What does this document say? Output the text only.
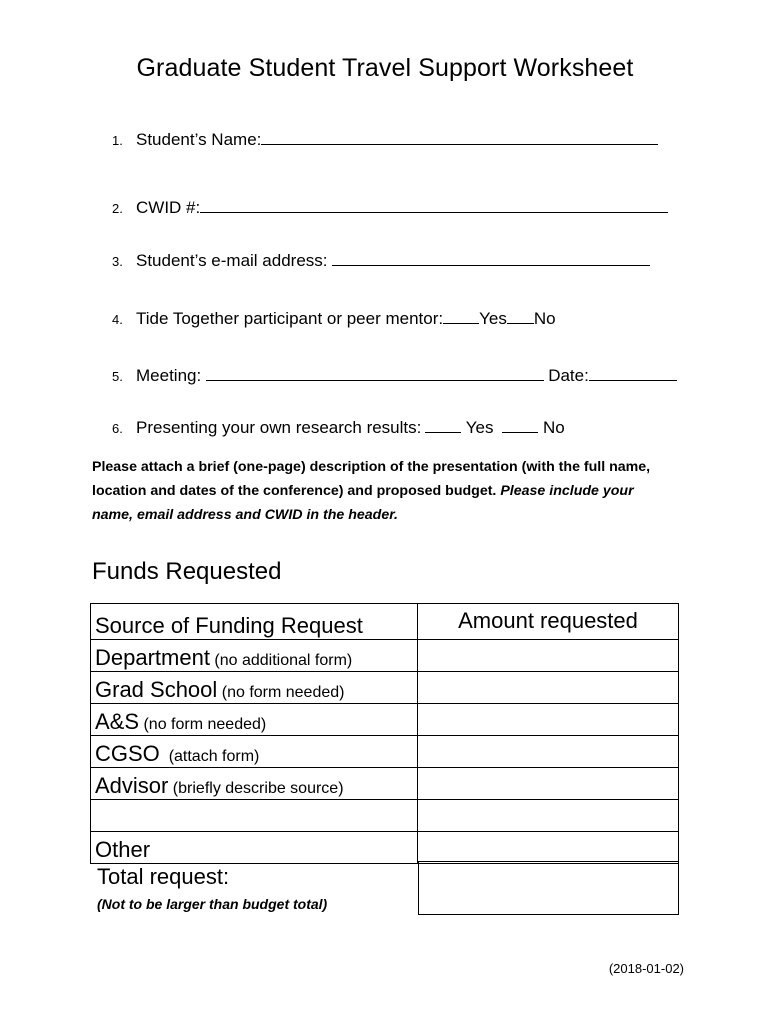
Graduate Student Travel Support Worksheet
1. Student’s Name:
2. CWID #:
3. Student’s e-mail address:
4. Tide Together participant or peer mentor: Yes No
5. Meeting:	Date:
6. Presenting your own research results: Yes No
Please attach a brief (one-page) description of the presentation (with the full name, location and dates of the conference) and proposed budget. Please include your name, email address and CWID in the header.
Funds Requested
Source of Funding Request	Amount requested
Department (no additional form)	
Grad School (no form needed)	
A&S (no form needed)	
CGSO  (attach form)	
Advisor (briefly describe source)	

Other	
Total request:
(Not to be larger than budget total)
(2018-01-02)
